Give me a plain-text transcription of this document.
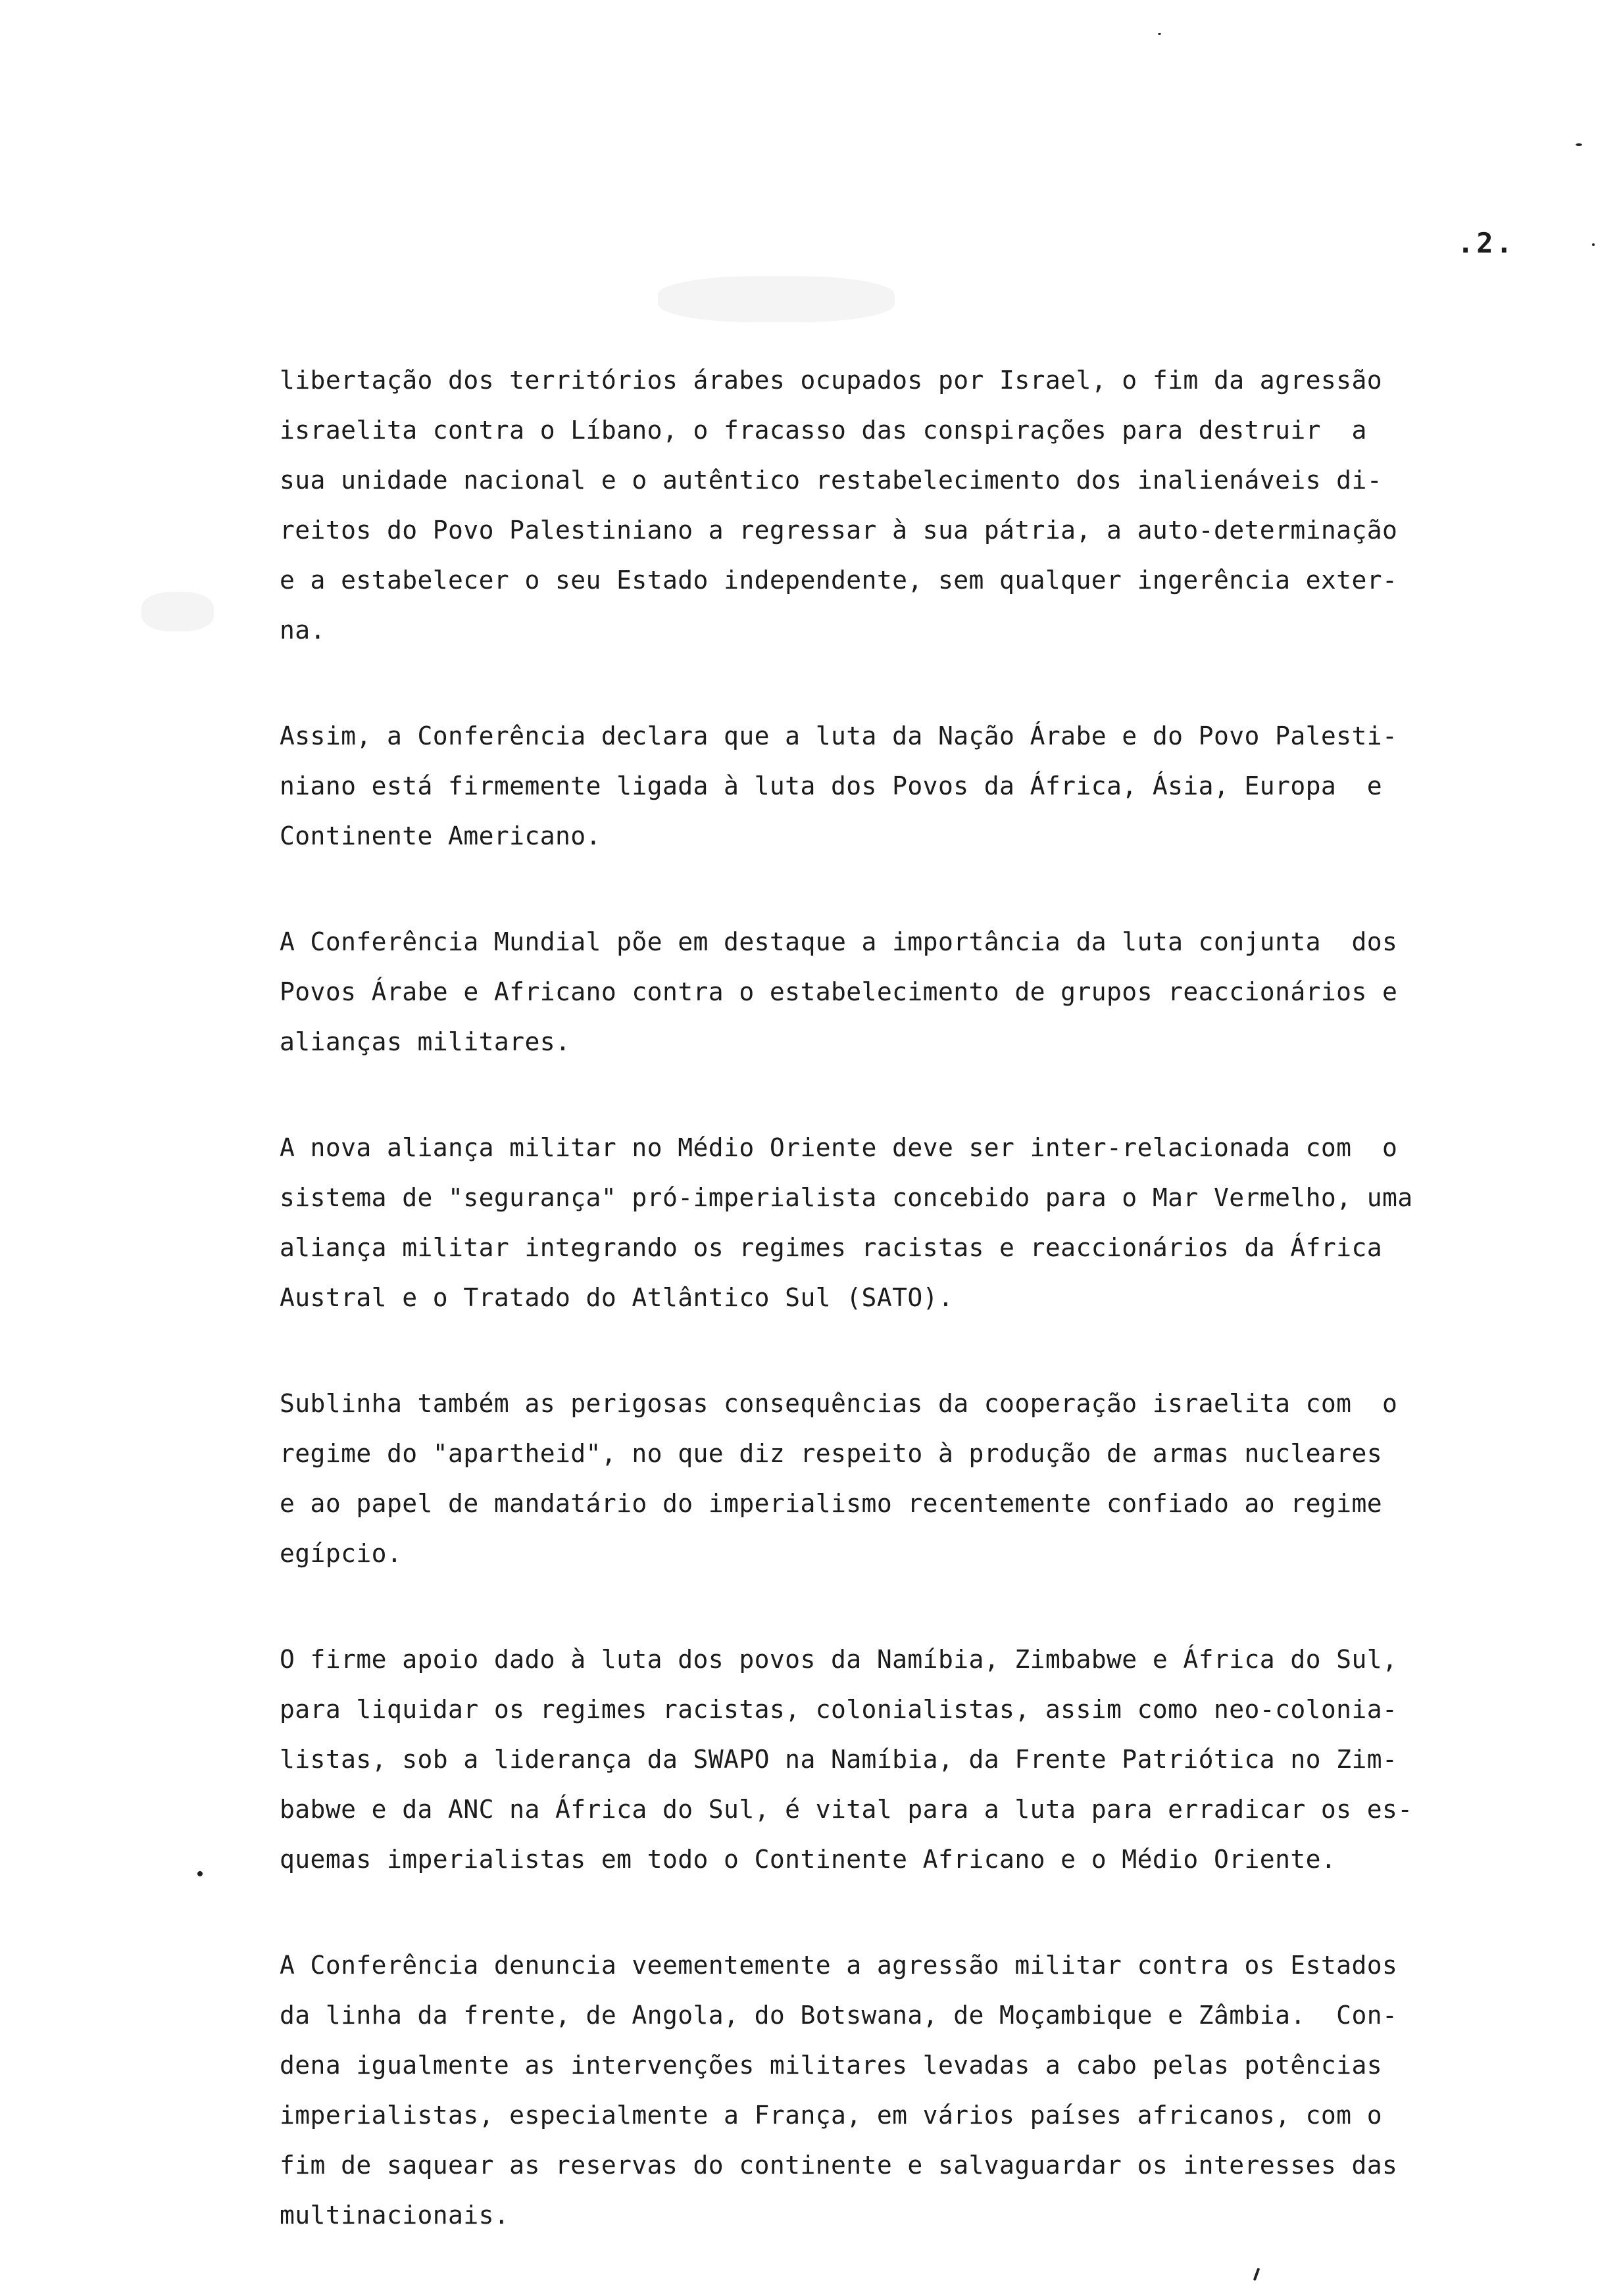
.2.
libertação dos territórios árabes ocupados por Israel, o fim da agressão
israelita contra o Líbano, o fracasso das conspirações para destruir  a
sua unidade nacional e o autêntico restabelecimento dos inalienáveis di-
reitos do Povo Palestiniano a regressar à sua pátria, a auto-determinação
e a estabelecer o seu Estado independente, sem qualquer ingerência exter-
na.
Assim, a Conferência declara que a luta da Nação Árabe e do Povo Palesti-
niano está firmemente ligada à luta dos Povos da África, Ásia, Europa  e
Continente Americano.
A Conferência Mundial põe em destaque a importância da luta conjunta  dos
Povos Árabe e Africano contra o estabelecimento de grupos reaccionários e
alianças militares.
A nova aliança militar no Médio Oriente deve ser inter-relacionada com  o
sistema de "segurança" pró-imperialista concebido para o Mar Vermelho, uma
aliança militar integrando os regimes racistas e reaccionários da África
Austral e o Tratado do Atlântico Sul (SATO).
Sublinha também as perigosas consequências da cooperação israelita com  o
regime do "apartheid", no que diz respeito à produção de armas nucleares
e ao papel de mandatário do imperialismo recentemente confiado ao regime
egípcio.
O firme apoio dado à luta dos povos da Namíbia, Zimbabwe e África do Sul,
para liquidar os regimes racistas, colonialistas, assim como neo-colonia-
listas, sob a liderança da SWAPO na Namíbia, da Frente Patriótica no Zim-
babwe e da ANC na África do Sul, é vital para a luta para erradicar os es-
quemas imperialistas em todo o Continente Africano e o Médio Oriente.
A Conferência denuncia veementemente a agressão militar contra os Estados
da linha da frente, de Angola, do Botswana, de Moçambique e Zâmbia.  Con-
dena igualmente as intervenções militares levadas a cabo pelas potências
imperialistas, especialmente a França, em vários países africanos, com o
fim de saquear as reservas do continente e salvaguardar os interesses das
multinacionais.
